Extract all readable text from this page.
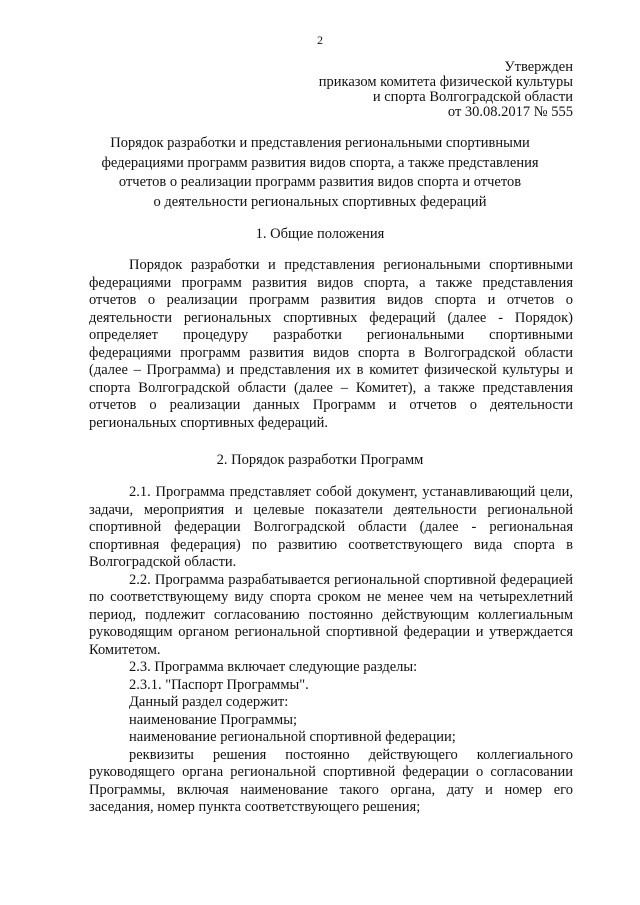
2
Утвержден
приказом комитета физической культуры
и спорта Волгоградской области
от 30.08.2017 № 555
Порядок разработки и представления региональными спортивными
федерациями программ развития видов спорта, а также представления
отчетов о реализации программ развития видов спорта и отчетов
о деятельности региональных спортивных федераций
1. Общие положения

Порядок разработки и представления региональными спортивными федерациями программ развития видов спорта, а также представления отчетов о реализации программ развития видов спорта и отчетов о деятельности региональных спортивных федераций (далее - Порядок) определяет процедуру разработки региональными спортивными федерациями программ развития видов спорта в Волгоградской области (далее – Программа) и представления их в комитет физической культуры и спорта Волгоградской области (далее – Комитет), а также представления отчетов о реализации данных Программ и отчетов о деятельности региональных спортивных федераций.

2. Порядок разработки Программ

2.1. Программа представляет собой документ, устанавливающий цели, задачи, мероприятия и целевые показатели деятельности региональной спортивной федерации Волгоградской области (далее - региональная спортивная федерация) по развитию соответствующего вида спорта в Волгоградской области.

2.2. Программа разрабатывается региональной спортивной федерацией по соответствующему виду спорта сроком не менее чем на четырехлетний период, подлежит согласованию постоянно действующим коллегиальным руководящим органом региональной спортивной федерации и утверждается Комитетом.

2.3. Программа включает следующие разделы:

2.3.1. "Паспорт Программы".

Данный раздел содержит:

наименование Программы;

наименование региональной спортивной федерации;

реквизиты решения постоянно действующего коллегиального руководящего органа региональной спортивной федерации о согласовании Программы, включая наименование такого органа, дату и номер его заседания, номер пункта соответствующего решения;
